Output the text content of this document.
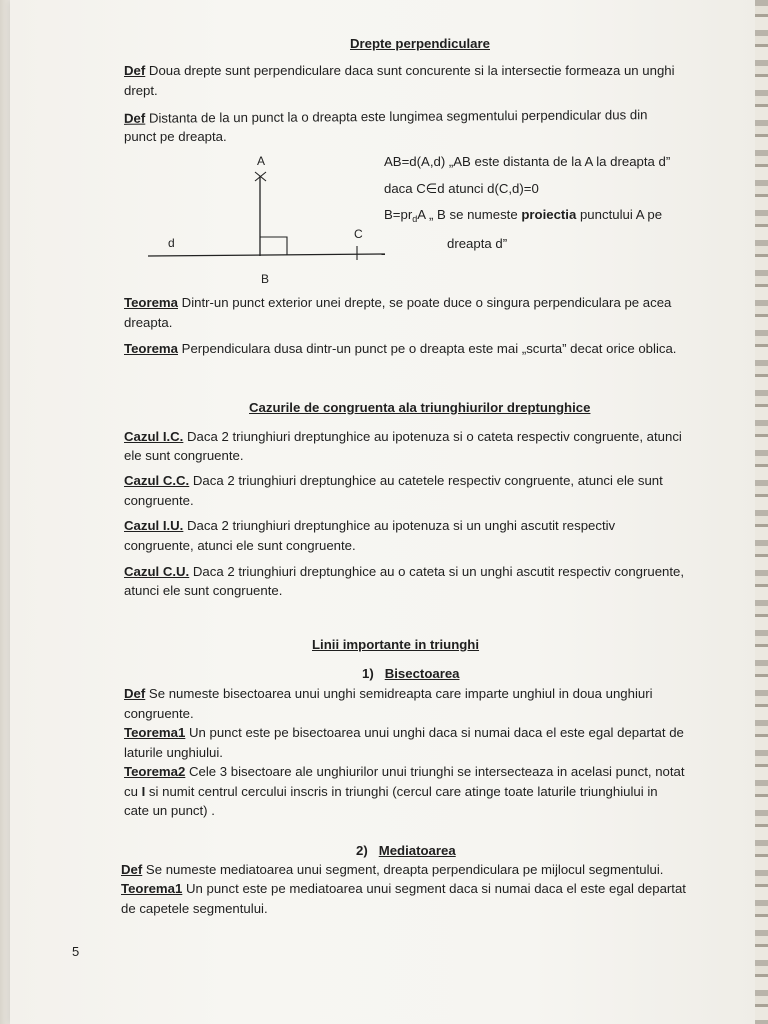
Drepte perpendiculare
Def Doua drepte sunt perpendiculare daca sunt concurente si la intersectie formeaza un unghi
drept.
Def Distanta de la un punct la o dreapta este lungimea segmentului perpendicular dus din
punct pe dreapta.
A
B
C
d
AB=d(A,d) „AB este distanta de la A la dreapta d”
daca C∈d atunci d(C,d)=0
$B=pr_dA$ „ B se numeste proiectia punctului A pe
dreapta d”
Teorema Dintr-un punct exterior unei drepte, se poate duce o singura perpendiculara pe acea
dreapta.
Teorema Perpendiculara dusa dintr-un punct pe o dreapta este mai „scurta” decat orice oblica.
Cazurile de congruenta ala triunghiurilor dreptunghice
Cazul I.C. Daca 2 triunghiuri dreptunghice au ipotenuza si o cateta respectiv congruente, atunci
ele sunt congruente.
Cazul C.C. Daca 2 triunghiuri dreptunghice au catetele respectiv congruente, atunci ele sunt
congruente.
Cazul I.U. Daca 2 triunghiuri dreptunghice au ipotenuza si un unghi ascutit respectiv
congruente, atunci ele sunt congruente.
Cazul C.U. Daca 2 triunghiuri dreptunghice au o cateta si un unghi ascutit respectiv congruente,
atunci ele sunt congruente.
Linii importante in triunghi
1) Bisectoarea
Def Se numeste bisectoarea unui unghi semidreapta care imparte unghiul in doua unghiuri
congruente.
Teorema1 Un punct este pe bisectoarea unui unghi daca si numai daca el este egal departat de
laturile unghiului.
Teorema2 Cele 3 bisectoare ale unghiurilor unui triunghi se intersecteaza in acelasi punct, notat
cu I si numit centrul cercului inscris in triunghi (cercul care atinge toate laturile triunghiului in
cate un punct) .
2) Mediatoarea
Def Se numeste mediatoarea unui segment, dreapta perpendiculara pe mijlocul segmentului.
Teorema1 Un punct este pe mediatoarea unui segment daca si numai daca el este egal departat
de capetele segmentului.
5
